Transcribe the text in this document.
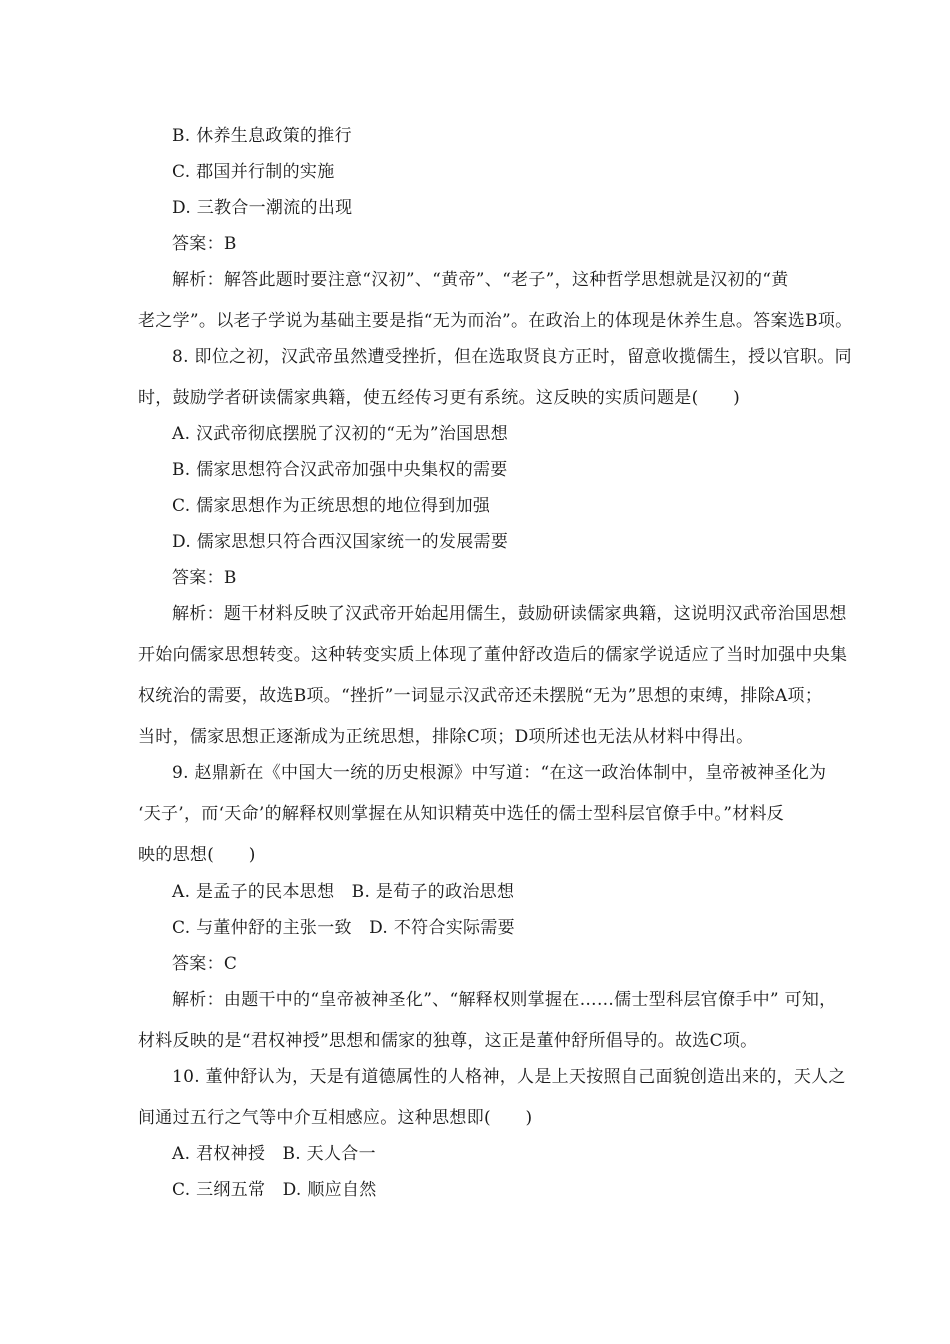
B. 休养生息政策的推行
C. 郡国并行制的实施
D. 三教合一潮流的出现
答案：B
解析：解答此题时要注意“汉初”、“黄帝”、“老子”，这种哲学思想就是汉初的“黄
老之学”。以老子学说为基础主要是指“无为而治”。在政治上的体现是休养生息。答案选B项。
8. 即位之初，汉武帝虽然遭受挫折，但在选取贤良方正时，留意收揽儒生，授以官职。同
时，鼓励学者研读儒家典籍，使五经传习更有系统。这反映的实质问题是(　　)
A. 汉武帝彻底摆脱了汉初的“无为”治国思想
B. 儒家思想符合汉武帝加强中央集权的需要
C. 儒家思想作为正统思想的地位得到加强
D. 儒家思想只符合西汉国家统一的发展需要
答案：B
解析：题干材料反映了汉武帝开始起用儒生，鼓励研读儒家典籍，这说明汉武帝治国思想
开始向儒家思想转变。这种转变实质上体现了董仲舒改造后的儒家学说适应了当时加强中央集
权统治的需要，故选B项。“挫折”一词显示汉武帝还未摆脱“无为”思想的束缚，排除A项；
当时，儒家思想正逐渐成为正统思想，排除C项；D项所述也无法从材料中得出。
9. 赵鼎新在《中国大一统的历史根源》中写道：“在这一政治体制中，皇帝被神圣化为
‘天子’，而‘天命’的解释权则掌握在从知识精英中选任的儒士型科层官僚手中。”材料反
映的思想(　　)
A. 是孟子的民本思想　B. 是荀子的政治思想
C. 与董仲舒的主张一致　D. 不符合实际需要
答案：C
解析：由题干中的“皇帝被神圣化”、“解释权则掌握在……儒士型科层官僚手中” 可知，
材料反映的是“君权神授”思想和儒家的独尊，这正是董仲舒所倡导的。故选C项。
10. 董仲舒认为，天是有道德属性的人格神，人是上天按照自己面貌创造出来的，天人之
间通过五行之气等中介互相感应。这种思想即(　　)
A. 君权神授　B. 天人合一
C. 三纲五常　D. 顺应自然
